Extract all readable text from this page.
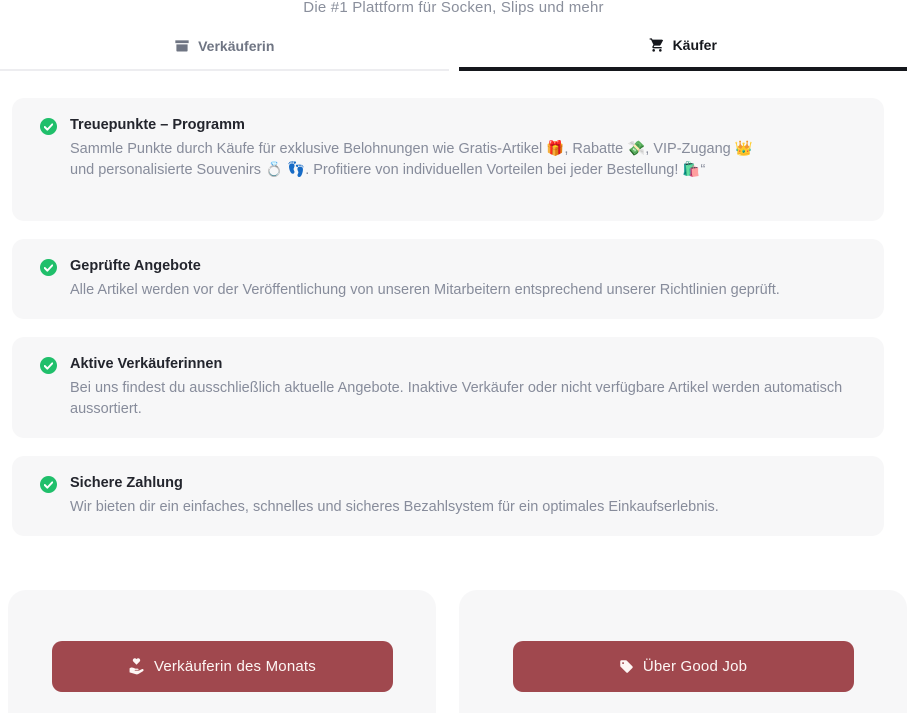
Die #1 Plattform für Socken, Slips und mehr
Verkäuferin	Käufer
Treuepunkte – Programm
Sammle Punkte durch Käufe für exklusive Belohnungen wie Gratis-Artikel 🎁, Rabatte 💸, VIP-Zugang 👑 und personalisierte Souvenirs 💍 👣. Profitiere von individuellen Vorteilen bei jeder Bestellung! 🛍️“
Geprüfte Angebote
Alle Artikel werden vor der Veröffentlichung von unseren Mitarbeitern entsprechend unserer Richtlinien geprüft.
Aktive Verkäuferinnen
Bei uns findest du ausschließlich aktuelle Angebote. Inaktive Verkäufer oder nicht verfügbare Artikel werden automatisch aussortiert.
Sichere Zahlung
Wir bieten dir ein einfaches, schnelles und sicheres Bezahlsystem für ein optimales Einkaufserlebnis.
Verkäuferin des Monats	Über Good Job
